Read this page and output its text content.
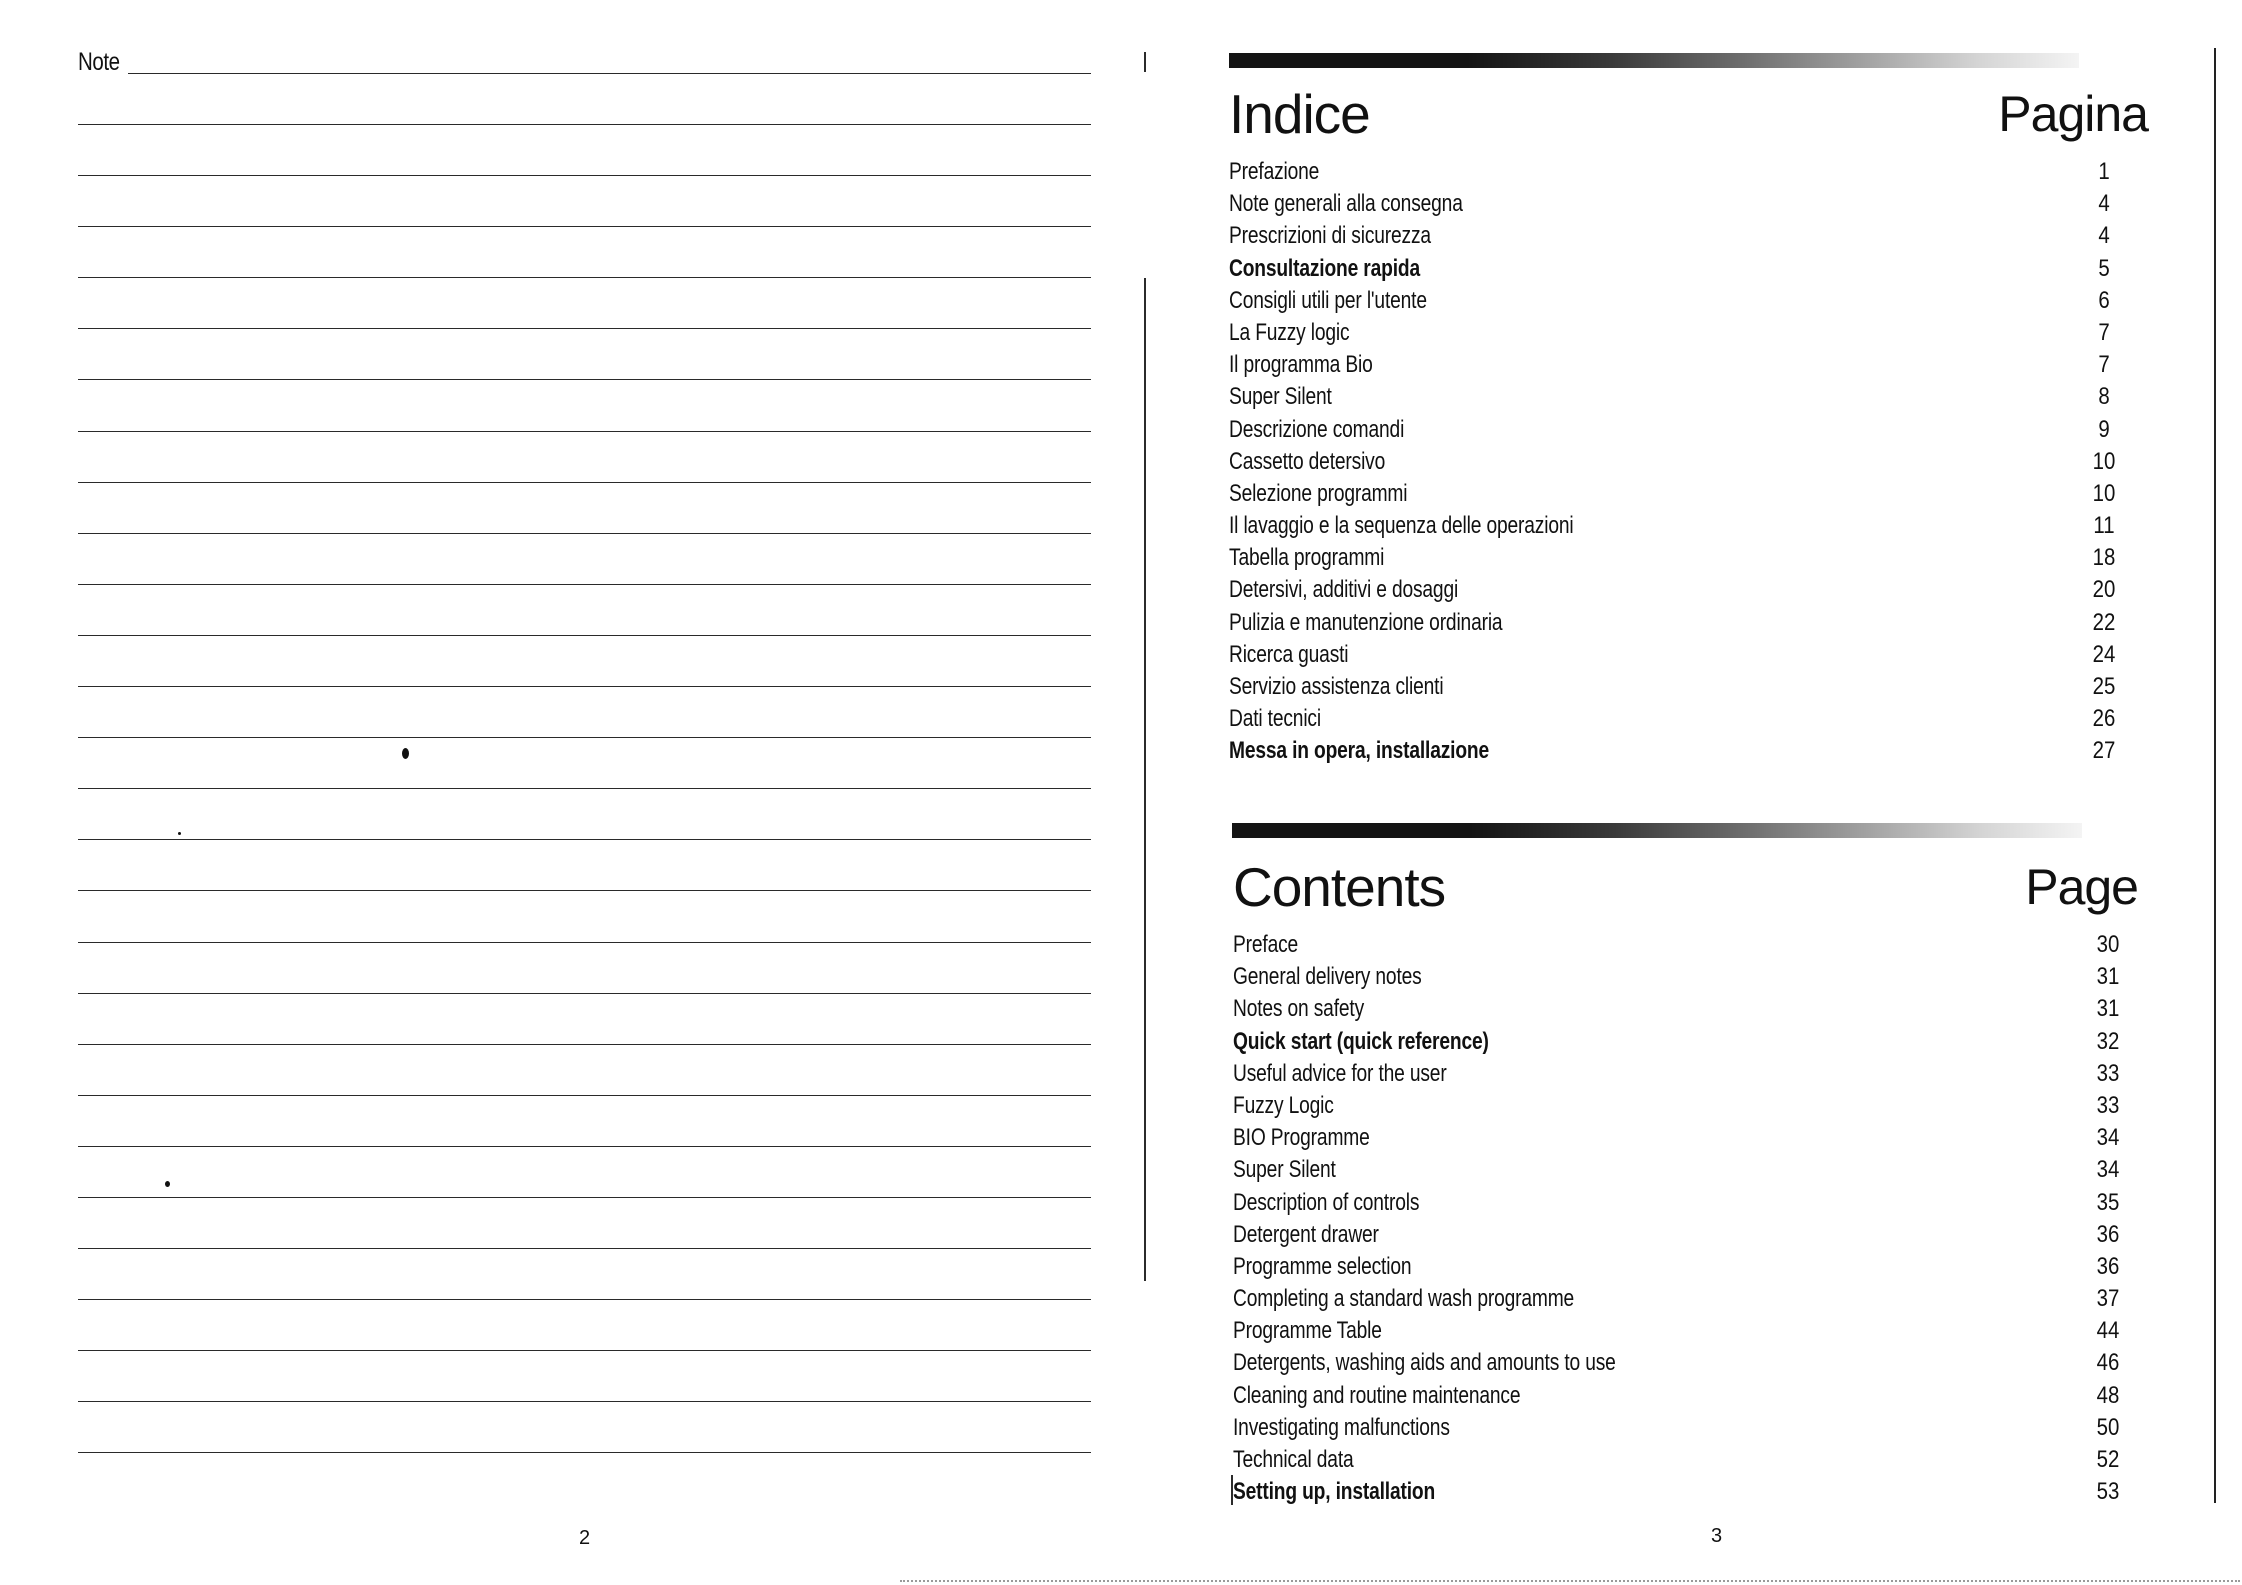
Note
2
Indice	Pagina
Prefazione	1
Note generali alla consegna	4
Prescrizioni di sicurezza	4
Consultazione rapida	5
Consigli utili per l'utente	6
La Fuzzy logic	7
Il programma Bio	7
Super Silent	8
Descrizione comandi	9
Cassetto detersivo	10
Selezione programmi	10
Il lavaggio e la sequenza delle operazioni	11
Tabella programmi	18
Detersivi, additivi e dosaggi	20
Pulizia e manutenzione ordinaria	22
Ricerca guasti	24
Servizio assistenza clienti	25
Dati tecnici	26
Messa in opera, installazione	27
Contents	Page
Preface	30
General delivery notes	31
Notes on safety	31
Quick start (quick reference)	32
Useful advice for the user	33
Fuzzy Logic	33
BIO Programme	34
Super Silent	34
Description of controls	35
Detergent drawer	36
Programme selection	36
Completing a standard wash programme	37
Programme Table	44
Detergents, washing aids and amounts to use	46
Cleaning and routine maintenance	48
Investigating malfunctions	50
Technical data	52
Setting up, installation	53
3
